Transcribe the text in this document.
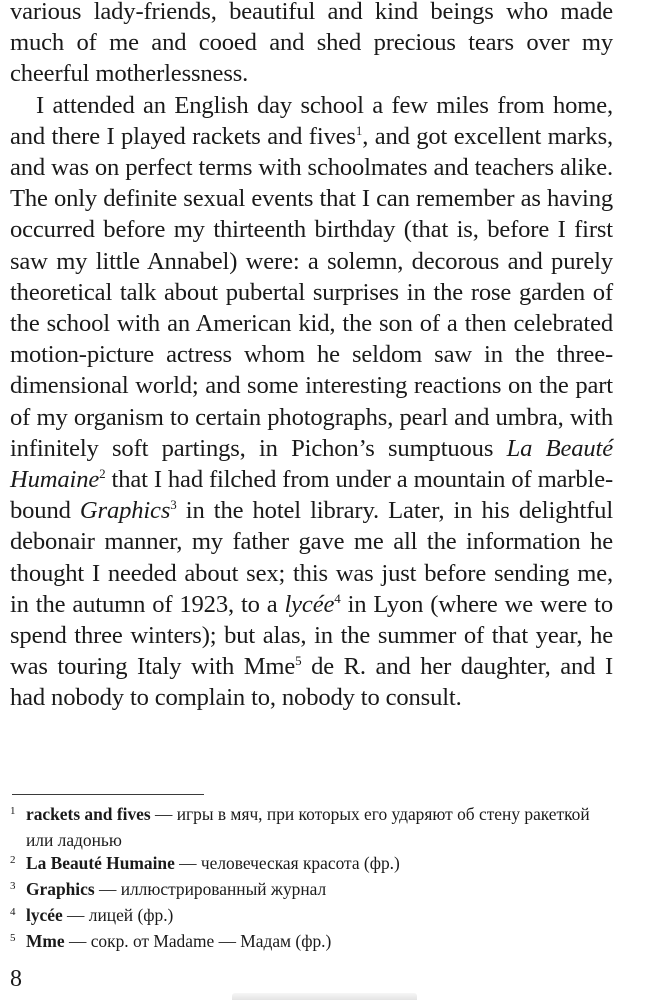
various lady-friends, beautiful and kind beings who made much of me and cooed and shed precious tears over my cheerful motherlessness.

I attended an English day school a few miles from home, and there I played rackets and fives$^1$, and got excellent marks, and was on perfect terms with schoolmates and teachers alike. The only definite sexual events that I can remember as having occurred before my thirteenth birthday (that is, before I first saw my little Annabel) were: a solemn, decorous and purely theoretical talk about pubertal surprises in the rose garden of the school with an American kid, the son of a then celebrated motion-picture actress whom he seldom saw in the three-dimensional world; and some interesting reactions on the part of my organism to certain photographs, pearl and umbra, with infinitely soft partings, in Pichon’s sumptuous La Beauté Humaine$^2$ that I had filched from under a mountain of marble-bound Graphics$^3$ in the hotel library. Later, in his delightful debonair manner, my father gave me all the information he thought I needed about sex; this was just before sending me, in the autumn of 1923, to a lycée$^4$ in Lyon (where we were to spend three winters); but alas, in the summer of that year, he was touring Italy with Mme$^5$ de R. and her daughter, and I had nobody to complain to, nobody to consult.

1 rackets and fives — игры в мяч, при которых его ударяют об стену ракеткой или ладонью

2 La Beauté Humaine — человеческая красота (фр.)

3 Graphics — иллюстрированный журнал

4 lycée — лицей (фр.)

5 Mme — сокр. от Madame — Мадам (фр.)

8
